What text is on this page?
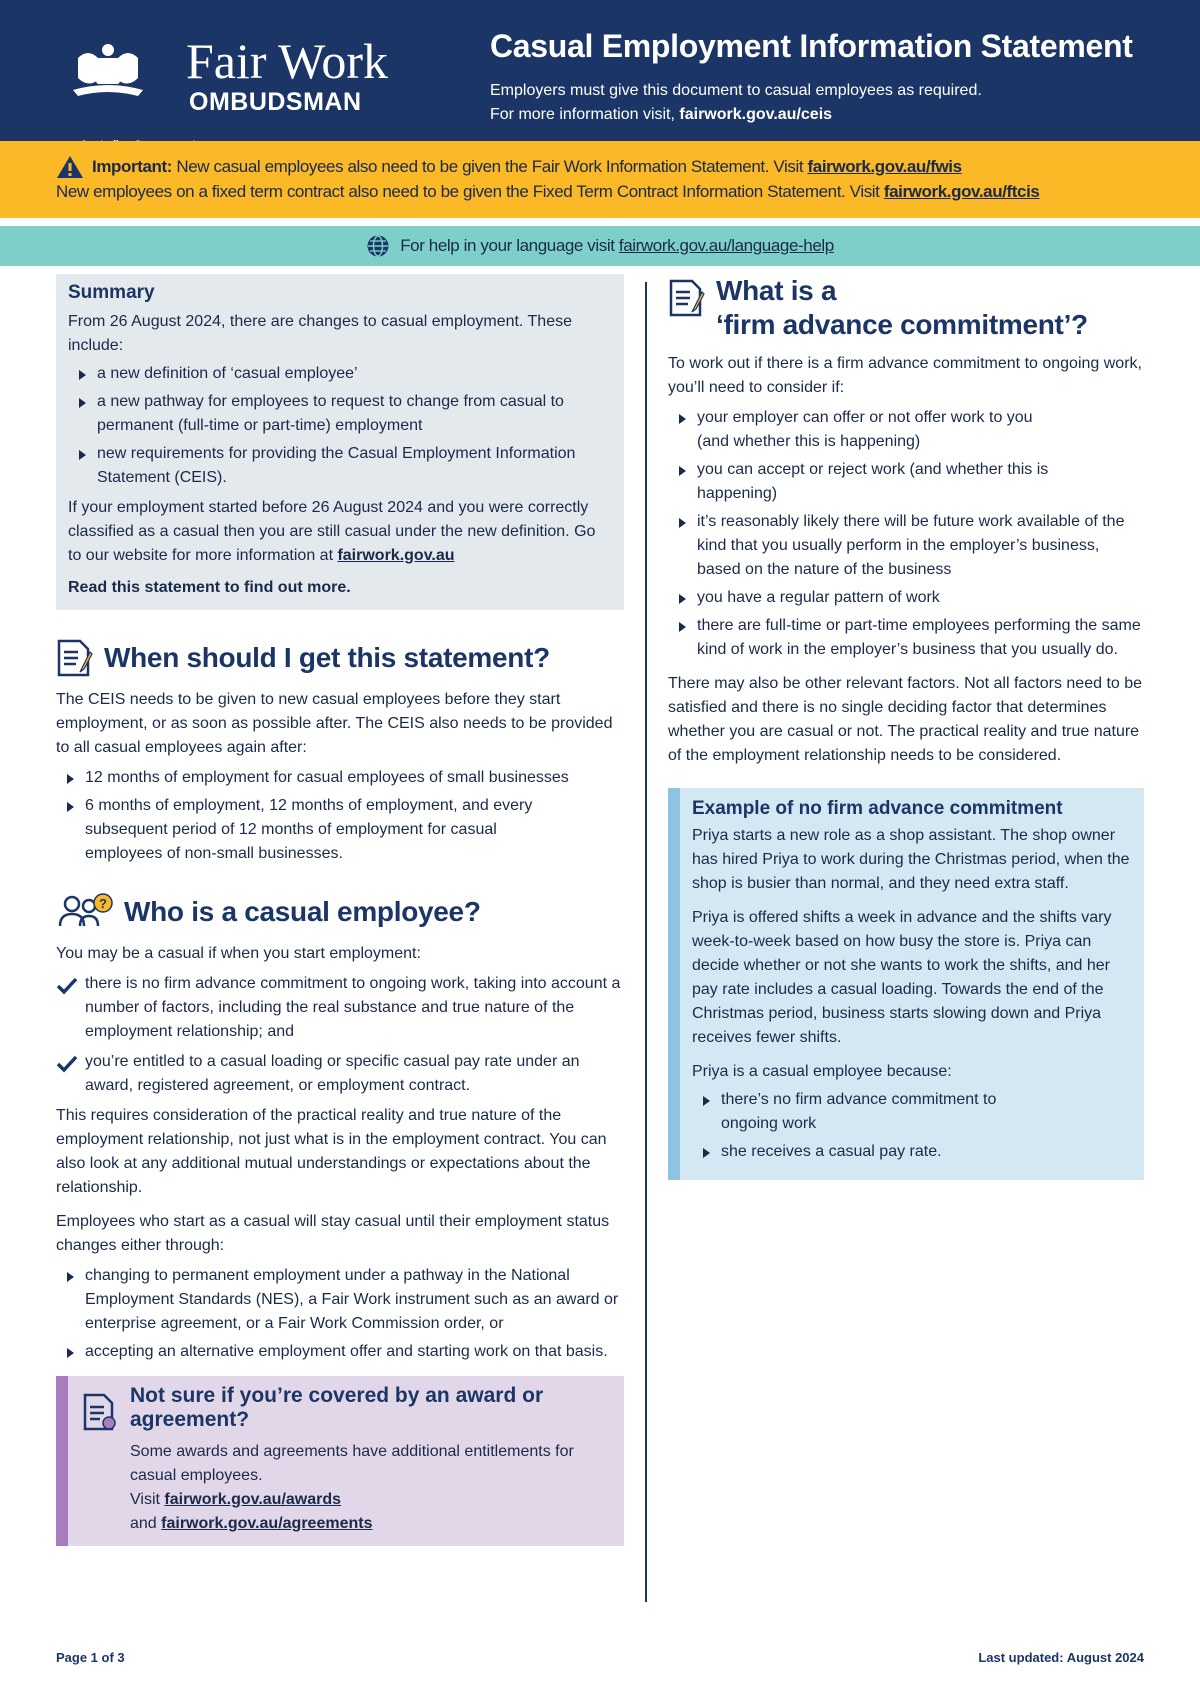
Fair Work
OMBUDSMAN
Casual Employment Information Statement
Employers must give this document to casual employees as required.
For more information visit, fairwork.gov.au/ceis
Important: New casual employees also need to be given the Fair Work Information Statement. Visit fairwork.gov.au/fwis
New employees on a fixed term contract also need to be given the Fixed Term Contract Information Statement. Visit fairwork.gov.au/ftcis
For help in your language visit fairwork.gov.au/language-help
Summary

From 26 August 2024, there are changes to casual employment. These include:

a new definition of ‘casual employee’
a new pathway for employees to request to change from casual to permanent (full-time or part-time) employment
new requirements for providing the Casual Employment Information Statement (CEIS).

If your employment started before 26 August 2024 and you were correctly classified as a casual then you are still casual under the new definition. Go to our website for more information at fairwork.gov.au

Read this statement to find out more.

When should I get this statement?

The CEIS needs to be given to new casual employees before they start employment, or as soon as possible after. The CEIS also needs to be provided to all casual employees again after:

12 months of employment for casual employees of small businesses
6 months of employment, 12 months of employment, and every subsequent period of 12 months of employment for casual employees of non-small businesses.
? Who is a casual employee?

You may be a casual if when you start employment:

there is no firm advance commitment to ongoing work, taking into account a number of factors, including the real substance and true nature of the employment relationship; and
you’re entitled to a casual loading or specific casual pay rate under an award, registered agreement, or employment contract.

This requires consideration of the practical reality and true nature of the employment relationship, not just what is in the employment contract. You can also look at any additional mutual understandings or expectations about the relationship.

Employees who start as a casual will stay casual until their employment status changes either through:

changing to permanent employment under a pathway in the National Employment Standards (NES), a Fair Work instrument such as an award or enterprise agreement, or a Fair Work Commission order, or
accepting an alternative employment offer and starting work on that basis.
Not sure if you’re covered by an award or agreement?

Some awards and agreements have additional entitlements for casual employees.

Visit fairwork.gov.au/awards

and fairwork.gov.au/agreements

What is a
‘firm advance commitment’?

To work out if there is a firm advance commitment to ongoing work, you’ll need to consider if:

your employer can offer or not offer work to you (and whether this is happening)
you can accept or reject work (and whether this is happening)
it’s reasonably likely there will be future work available of the kind that you usually perform in the employer’s business, based on the nature of the business
you have a regular pattern of work
there are full-time or part-time employees performing the same kind of work in the employer’s business that you usually do.

There may also be other relevant factors. Not all factors need to be satisfied and there is no single deciding factor that determines whether you are casual or not. The practical reality and true nature of the employment relationship needs to be considered.

Example of no firm advance commitment

Priya starts a new role as a shop assistant. The shop owner has hired Priya to work during the Christmas period, when the shop is busier than normal, and they need extra staff.

Priya is offered shifts a week in advance and the shifts vary week-to-week based on how busy the store is. Priya can decide whether or not she wants to work the shifts, and her pay rate includes a casual loading. Towards the end of the Christmas period, business starts slowing down and Priya receives fewer shifts.

Priya is a casual employee because:

there’s no firm advance commitment to ongoing work
she receives a casual pay rate.
Page 1 of 3	Last updated: August 2024
